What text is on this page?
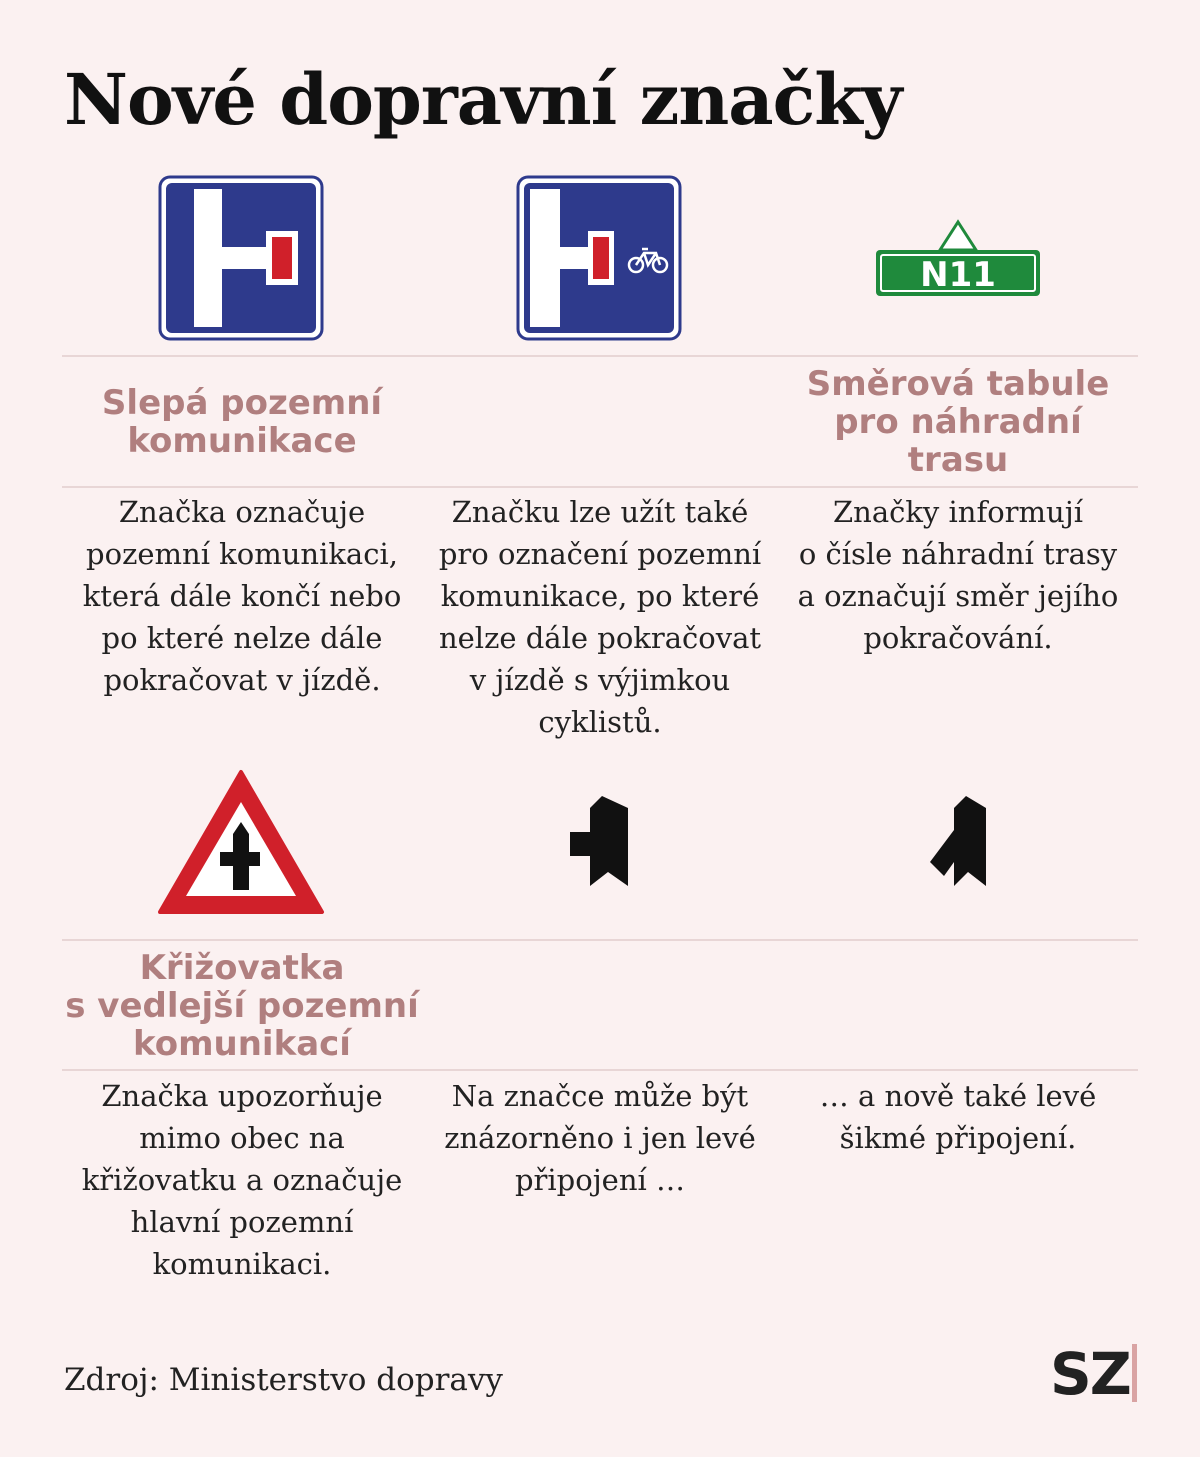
Nové dopravní značky
N11
Slepá pozemní
komunikace
Směrová tabule
pro náhradní
trasu
Značka označuje
pozemní komunikaci,
která dále končí nebo
po které nelze dále
pokračovat v jízdě.
Značku lze užít také
pro označení pozemní
komunikace, po které
nelze dále pokračovat
v jízdě s výjimkou
cyklistů.
Značky informují
o čísle náhradní trasy
a označují směr jejího
pokračování.
Křižovatka
s vedlejší pozemní
komunikací
Značka upozorňuje
mimo obec na
křižovatku a označuje
hlavní pozemní
komunikaci.
Na značce může být
znázorněno i jen levé
připojení …
… a nově také levé
šikmé připojení.
Zdroj: Ministerstvo dopravy	SZ
